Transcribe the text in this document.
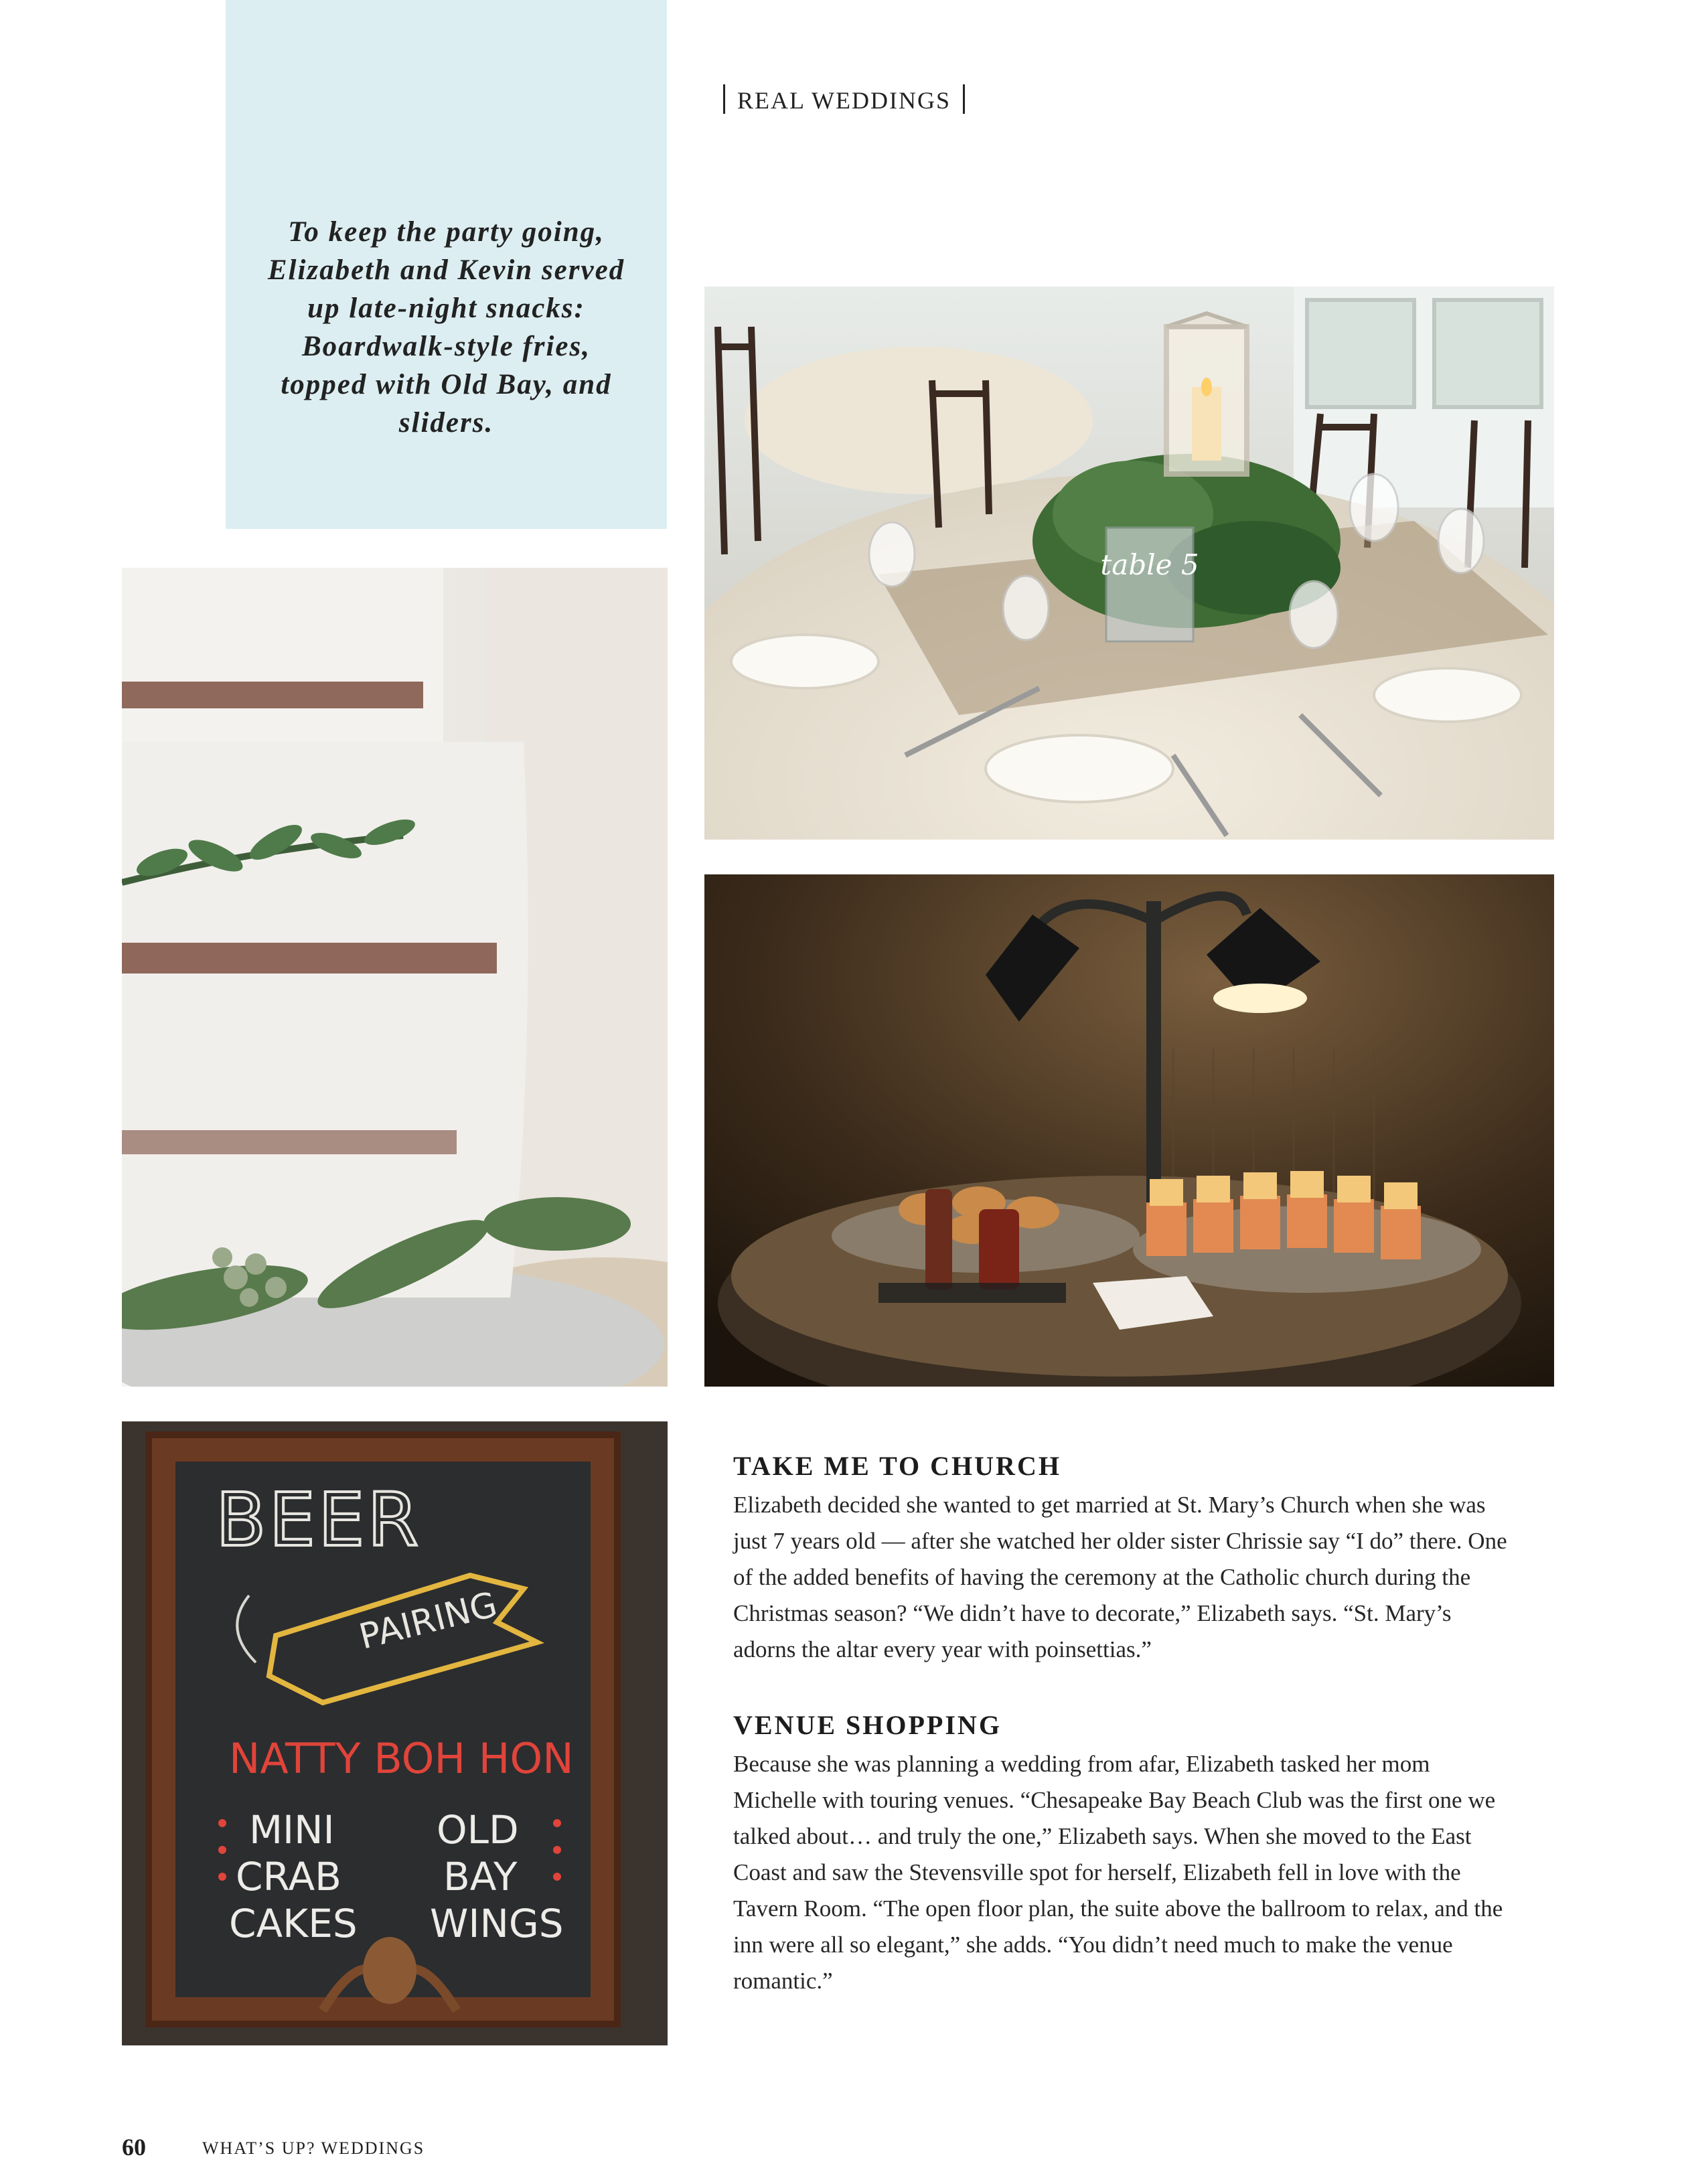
REAL WEDDINGS
To keep the party going, Elizabeth and Kevin served up late-night snacks: Boardwalk-style fries, topped with Old Bay, and sliders.
table 5
BEER
PAIRING
NATTY BOH HON
MINI
CRAB
CAKES
OLD
BAY
WINGS
TAKE ME TO CHURCH

Elizabeth decided she wanted to get married at St. Mary’s Church when she was just 7 years old — after she watched her older sister Chrissie say “I do” there. One of the added benefits of having the ceremony at the Catholic church during the Christmas season? “We didn’t have to decorate,” Elizabeth says. “St. Mary’s adorns the altar every year with poinsettias.”

VENUE SHOPPING

Because she was planning a wedding from afar, Elizabeth tasked her mom Michelle with touring venues. “Chesapeake Bay Beach Club was the first one we talked about… and truly the one,” Elizabeth says. When she moved to the East Coast and saw the Stevensville spot for herself, Elizabeth fell in love with the Tavern Room. “The open floor plan, the suite above the ballroom to relax, and the inn were all so elegant,” she adds. “You didn’t need much to make the venue romantic.”

60	WHAT’S UP? WEDDINGS
